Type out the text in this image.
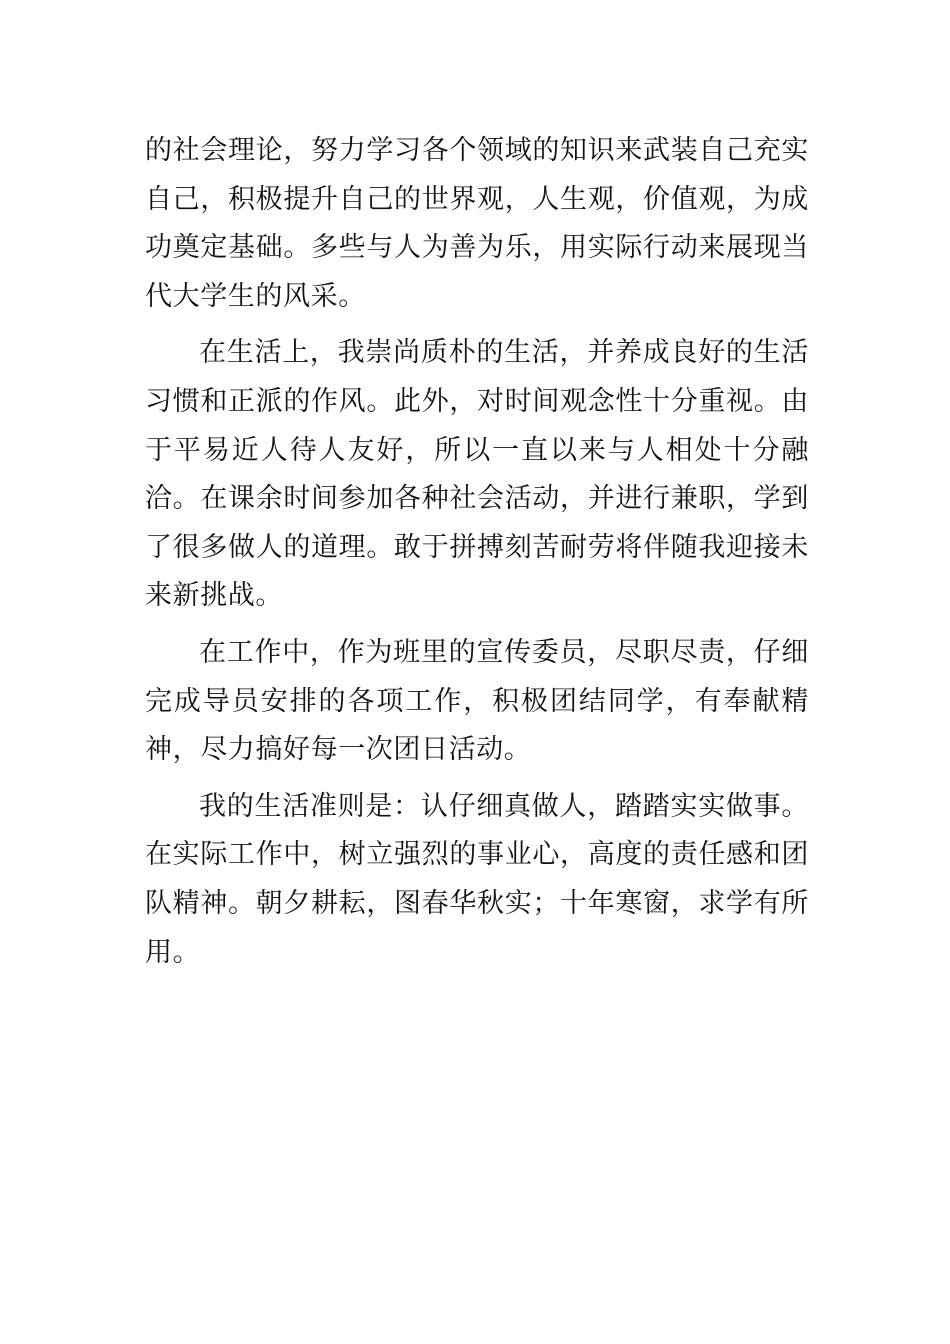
的社会理论，努力学习各个领域的知识来武装自己充实自己，积极提升自己的世界观，人生观，价值观，为成功奠定基础。多些与人为善为乐，用实际行动来展现当代大学生的风采。

在生活上，我崇尚质朴的生活，并养成良好的生活习惯和正派的作风。此外，对时间观念性十分重视。由于平易近人待人友好，所以一直以来与人相处十分融洽。在课余时间参加各种社会活动，并进行兼职，学到了很多做人的道理。敢于拼搏刻苦耐劳将伴随我迎接未来新挑战。

在工作中，作为班里的宣传委员，尽职尽责，仔细完成导员安排的各项工作，积极团结同学，有奉献精神，尽力搞好每一次团日活动。

我的生活准则是：认仔细真做人，踏踏实实做事。在实际工作中，树立强烈的事业心，高度的责任感和团队精神。朝夕耕耘，图春华秋实；十年寒窗，求学有所用。
